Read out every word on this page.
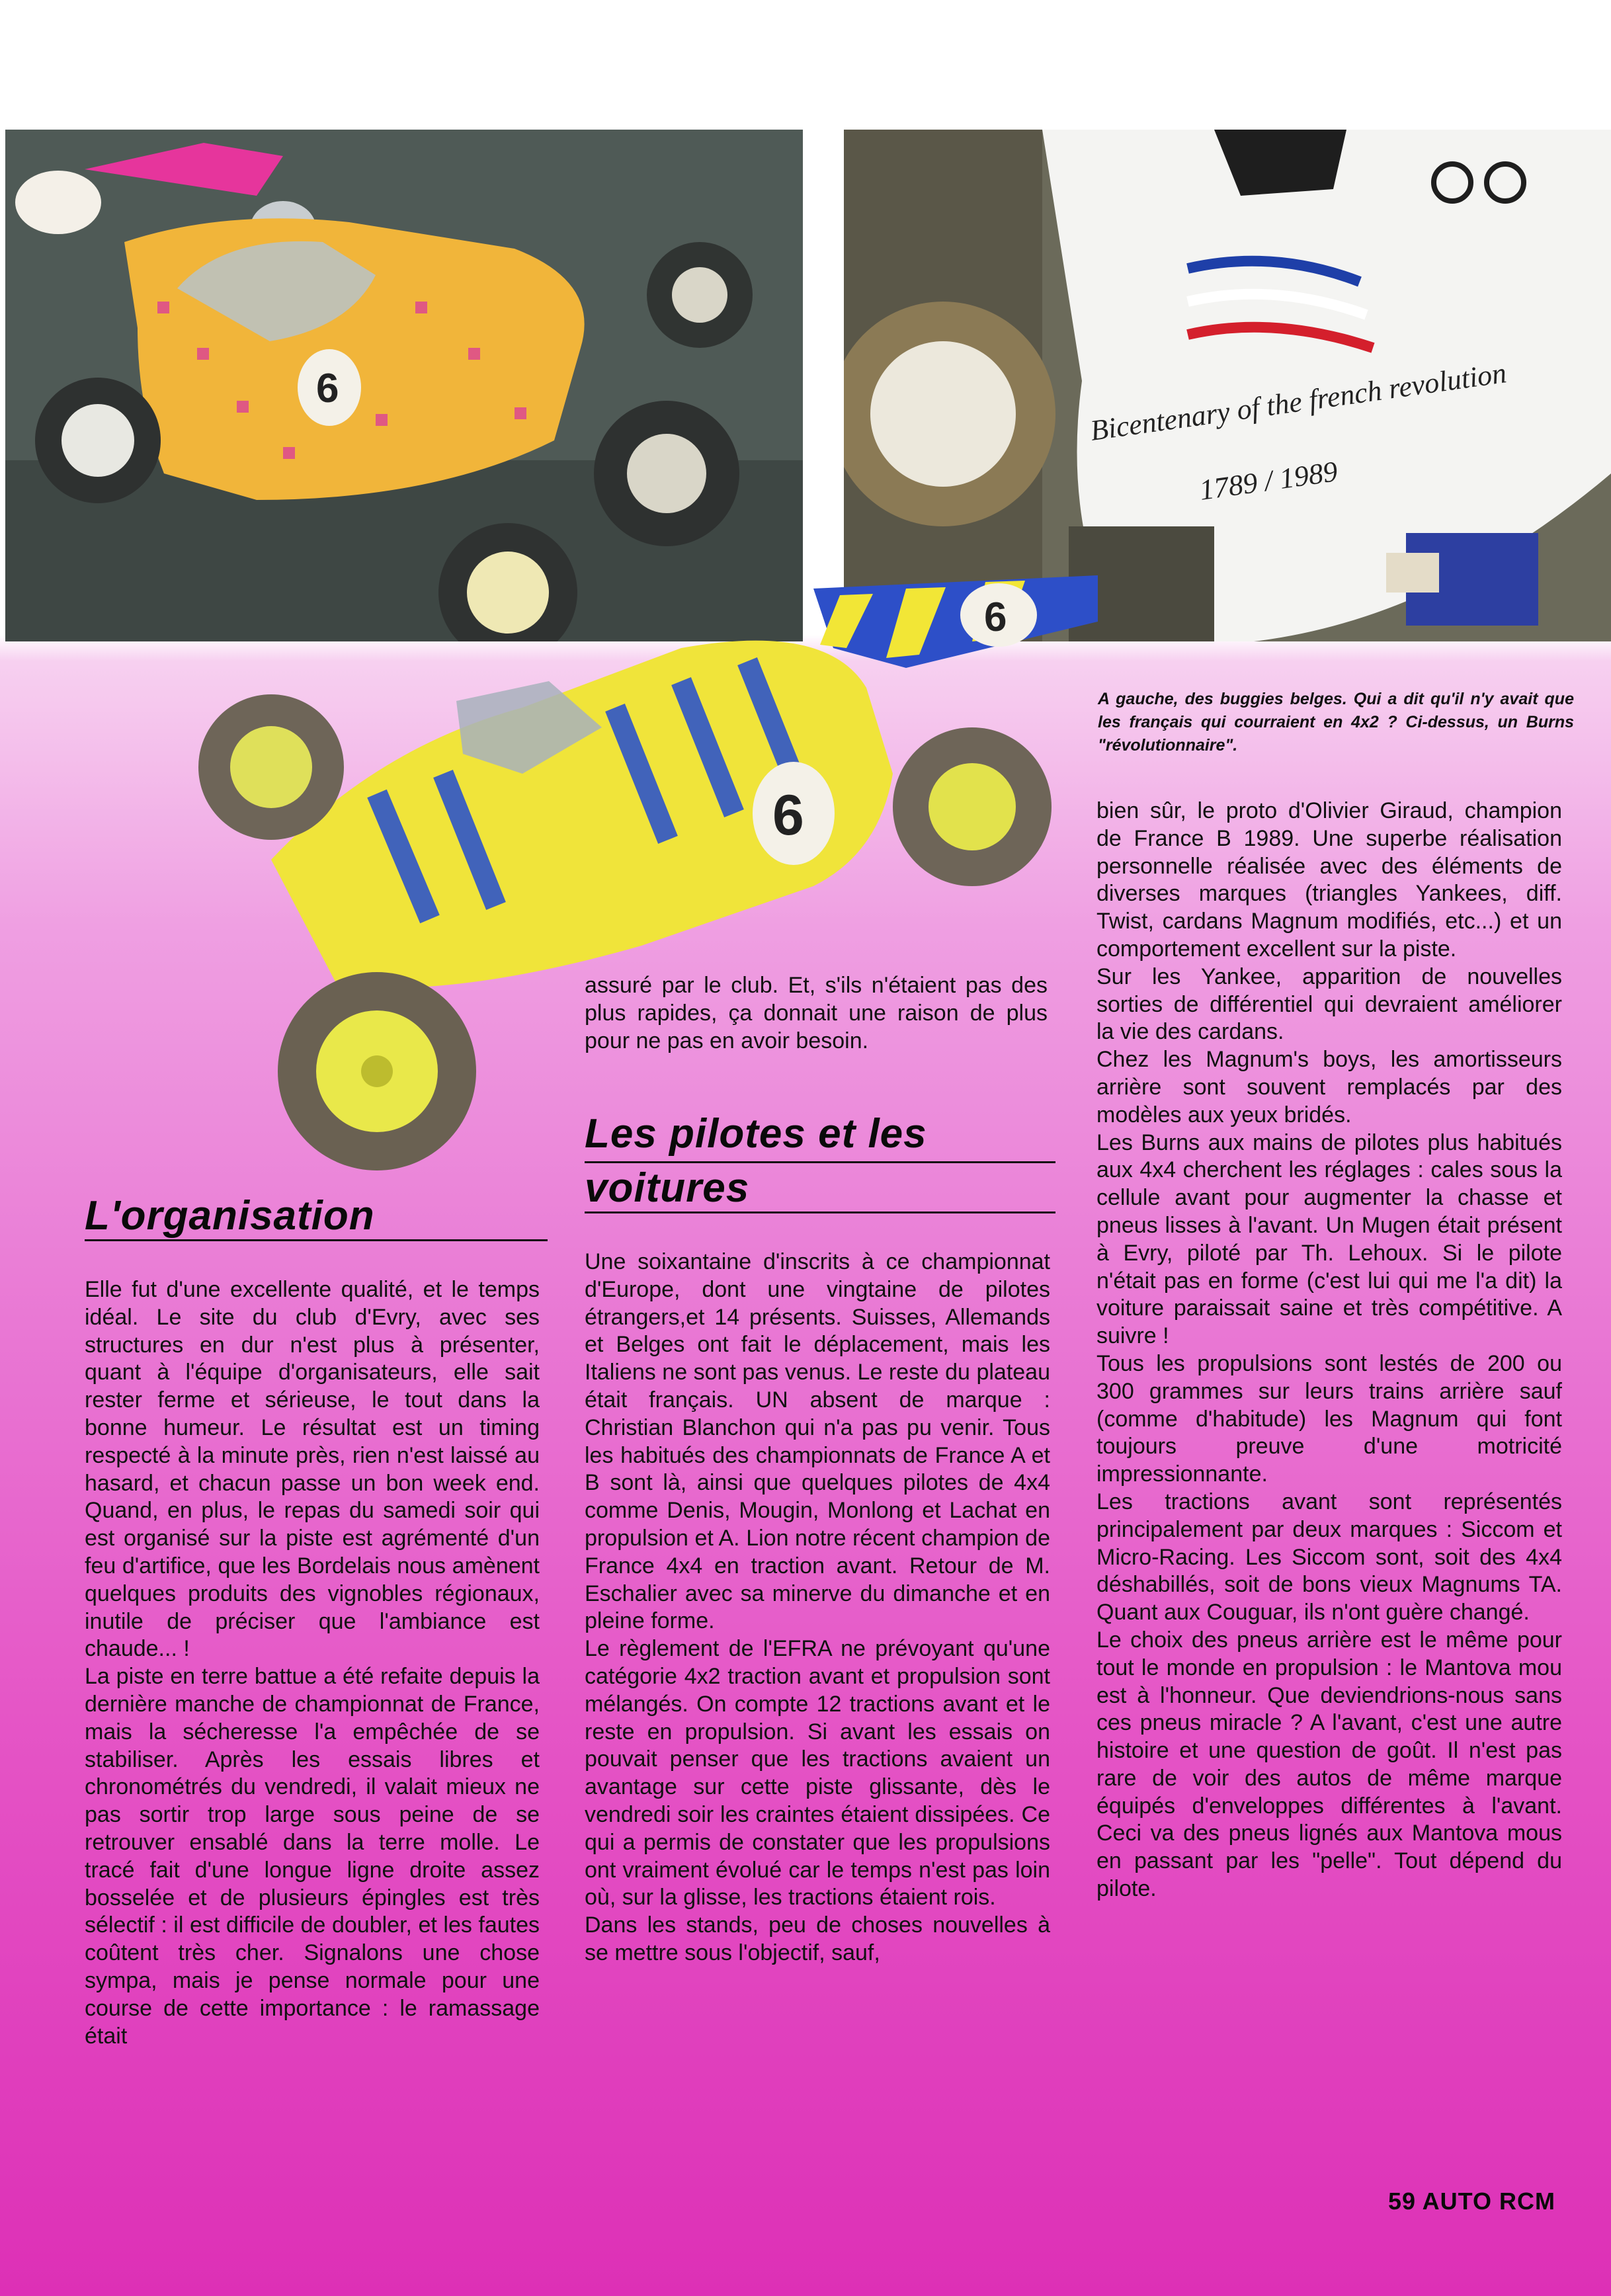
6	Bicentenary of the french revolution
1789 / 1989
6
6
A gauche, des buggies belges. Qui a dit qu'il n'y avait que les français qui courraient en 4x2 ? Ci-dessus, un Burns "révolutionnaire".
L'organisation

Elle fut d'une excellente qualité, et le temps idéal. Le site du club d'Evry, avec ses structures en dur n'est plus à présenter, quant à l'équipe d'organisateurs, elle sait rester ferme et sérieuse, le tout dans la bonne humeur. Le résultat est un timing respecté à la minute près, rien n'est laissé au hasard, et chacun passe un bon week end. Quand, en plus, le repas du samedi soir qui est organisé sur la piste est agrémenté d'un feu d'artifice, que les Bordelais nous amènent quelques produits des vignobles régionaux, inutile de préciser que l'ambiance est chaude... !

La piste en terre battue a été refaite depuis la dernière manche de championnat de France, mais la sécheresse l'a empêchée de se stabiliser. Après les essais libres et chronométrés du vendredi, il valait mieux ne pas sortir trop large sous peine de se retrouver ensablé dans la terre molle. Le tracé fait d'une longue ligne droite assez bosselée et de plusieurs épingles est très sélectif : il est difficile de doubler, et les fautes coûtent très cher. Signalons une chose sympa, mais je pense normale pour une course de cette importance : le ramassage était

assuré par le club. Et, s'ils n'étaient pas des plus rapides, ça donnait une raison de plus pour ne pas en avoir besoin.

Les pilotes et les
voitures

Une soixantaine d'inscrits à ce championnat d'Europe, dont une vingtaine de pilotes étrangers,et 14 présents. Suisses, Allemands et Belges ont fait le déplacement, mais les Italiens ne sont pas venus. Le reste du plateau était français. UN absent de marque : Christian Blanchon qui n'a pas pu venir. Tous les habitués des championnats de France A et B sont là, ainsi que quelques pilotes de 4x4 comme Denis, Mougin, Monlong et Lachat en propulsion et A. Lion notre récent champion de France 4x4 en traction avant. Retour de M. Eschalier avec sa minerve du dimanche et en pleine forme.

Le règlement de l'EFRA ne prévoyant qu'une catégorie 4x2 traction avant et propulsion sont mélangés. On compte 12 tractions avant et le reste en propulsion. Si avant les essais on pouvait penser que les tractions avaient un avantage sur cette piste glissante, dès le vendredi soir les craintes étaient dissipées. Ce qui a permis de constater que les propulsions ont vraiment évolué car le temps n'est pas loin où, sur la glisse, les tractions étaient rois.

Dans les stands, peu de choses nouvelles à se mettre sous l'objectif, sauf,

bien sûr, le proto d'Olivier Giraud, champion de France B 1989. Une superbe réalisation personnelle réalisée avec des éléments de diverses marques (triangles Yankees, diff. Twist, cardans Magnum modifiés, etc...) et un comportement excellent sur la piste.

Sur les Yankee, apparition de nouvelles sorties de différentiel qui devraient améliorer la vie des cardans.

Chez les Magnum's boys, les amortisseurs arrière sont souvent remplacés par des modèles aux yeux bridés.

Les Burns aux mains de pilotes plus habitués aux 4x4 cherchent les réglages : cales sous la cellule avant pour augmenter la chasse et pneus lisses à l'avant. Un Mugen était présent à Evry, piloté par Th. Lehoux. Si le pilote n'était pas en forme (c'est lui qui me l'a dit) la voiture paraissait saine et très compétitive. A suivre !

Tous les propulsions sont lestés de 200 ou 300 grammes sur leurs trains arrière sauf (comme d'habitude) les Magnum qui font toujours preuve d'une motricité impressionnante.

Les tractions avant sont représentés principalement par deux marques : Siccom et Micro-Racing. Les Siccom sont, soit des 4x4 déshabillés, soit de bons vieux Magnums TA. Quant aux Couguar, ils n'ont guère changé.

Le choix des pneus arrière est le même pour tout le monde en propulsion : le Mantova mou est à l'honneur. Que deviendrions-nous sans ces pneus miracle ? A l'avant, c'est une autre histoire et une question de goût. Il n'est pas rare de voir des autos de même marque équipés d'enveloppes différentes à l'avant. Ceci va des pneus lignés aux Mantova mous en passant par les "pelle". Tout dépend du pilote.

59 AUTO RCM
